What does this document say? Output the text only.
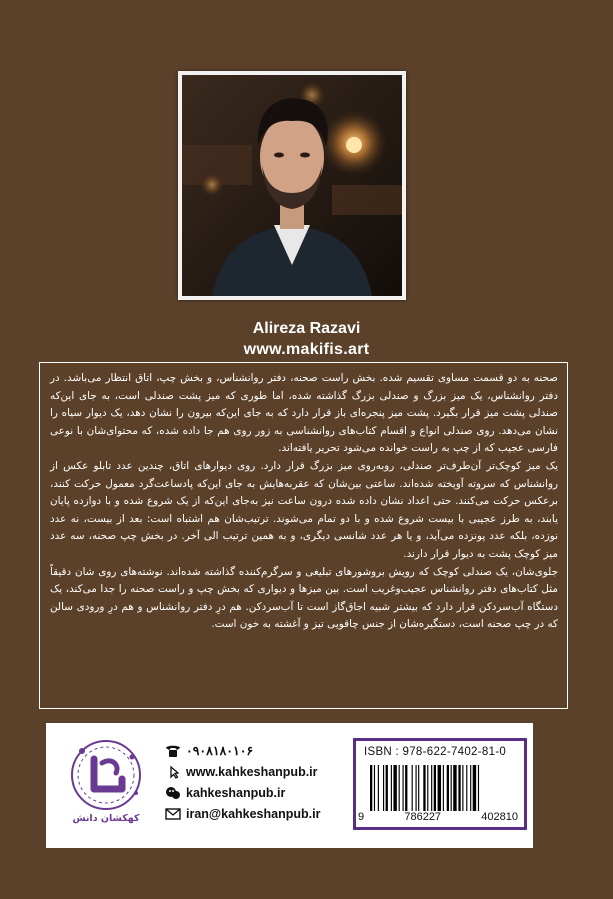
Alireza Razavi
www.makifis.art

صحنه به دو قسمت مساوی تقسیم شده. بخش راست صحنه، دفتر روانشناس، و بخش چپ، اتاق انتظار می‌باشد. در دفتر روانشناس، یک میز بزرگ و صندلی بزرگ گذاشته شده، اما طوری که میز پشت صندلی است، به جای این‌که صندلی پشت میز قرار بگیرد. پشت میز پنجره‌ای باز قرار دارد که به جای این‌که بیرون را نشان دهد، یک دیوار سیاه را نشان می‌دهد. روی صندلی انواع و اقسام کتاب‌های روانشناسی به زور روی هم جا داده شده، که محتوای‌شان با نوعی فارسی عجیب که از چپ به راست خوانده می‌شود تحریر یافته‌اند.

یک میز کوچک‌تر آن‌طرف‌تر صندلی، روبه‌روی میز بزرگ قرار دارد. روی دیوارهای اتاق، چندین عدد تابلو عکس از روانشناس که سروته آویخته شده‌اند. ساعتی بین‌شان که عقربه‌هایش به جای این‌که پادساعت‌گرد معمول حرکت کنند، برعکس حرکت می‌کنند. حتی اعداد نشان داده شده درون ساعت نیز به‌جای این‌که از یک شروع شده و با دوازده پایان یابند، به طرز عجیبی با بیست شروع شده و با دو تمام می‌شوند. ترتیب‌شان هم اشتباه است: بعد از بیست، نه عدد نوزده، بلکه عدد پونزده می‌آید، و یا هر عدد شانسی دیگری، و به همین ترتیب الی آخر. در بخش چپ صحنه، سه عدد میز کوچک پشت به دیوار قرار دارند.

جلوی‌شان، یک صندلی کوچک که رویش بروشورهای تبلیغی و سرگرم‌کننده گذاشته شده‌اند. نوشته‌های روی شان دقیقاً مثل کتاب‌های دفتر روانشناس عجیب‌وغریب است. بین میزها و دیواری که بخش چپ و راست صحنه را جدا می‌کند، یک دستگاه آب‌سردکن قرار دارد که بیشتر شبیه اجاق‌گاز است تا آب‌سردکن. هم درِ دفتر روانشناس و هم درِ ورودی سالن که در چپ صحنه است، دستگیره‌شان از جنس چاقویی تیز و آغشته به خون است.

کهکشان دانش
۰۹۰۸۱۸۰۱۰۶
www.kahkeshanpub.ir
kahkeshanpub.ir
iran@kahkeshanpub.ir
ISBN : 978-622-7402-81-0
9	786227	402810
